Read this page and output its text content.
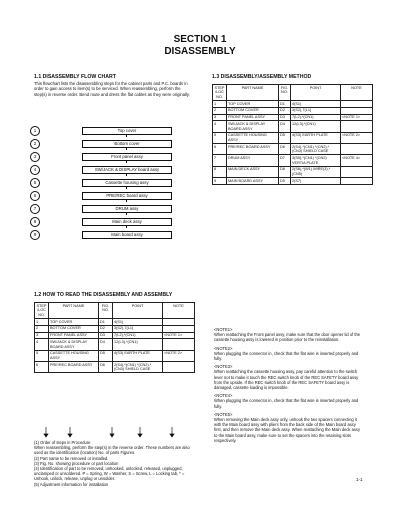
SECTION 1
DISASSEMBLY
1.1 DISASSEMBLY FLOW CHART

This flowchart lists the disassembling steps for the cabinet parts and P.C. boards in order to gain access to item(s) to be serviced. When reassembling, perform the step(s) in reverse order. Bend route and dress the flat cables as they were originally.

1	Top cover
2	Bottom cover
3	Front panel assy
4	SW/JACK & DISPLAY board assy
5	Cassette housing assy
6	PRE/REC board assy
7	DRUM assy
8	Main deck assy
9	Main board assy
1.2 HOW TO READ THE DISASSEMBLY AND ASSEMBLY
STEP /LOC NO.	PART NAME	FIG. NO.	POINT	NOTE
1	TOP COVER	D1	4(S1)	
2	BOTTOM COVER	D2	3(S2),7(L1)	
3	FRONT PANEL ASSY	D3	7(L2),*(CN1)	<NOTE 1>
4	SW/JACK & DISPLAY BOARD ASSY	D4	12(L3),*(CN1)	
5	CASSETTE HOUSING ASSY	D5	4(S3) EARTH PLATE	<NOTE 2>
6	PRE/REC BOARD ASSY	D6	2(S4),*(CN1) *(CN2),*(CN3) SHIELD CASE	

(1) Order of steps in Procedure

When reassembling, perform the step(s) in the reverse order. These numbers are also used as the identification (location) No. of parts Figures.

(2) Part name to be removed or installed.

(3) Fig. No. showing procedure or part location

(4) Identification of part to be removed, unhooked, unlocked, released, unplugged, unclamped or unsoldered. P = Spring, W = Washer, S = Screw, L = Locking tab, * = Unhook, unlock, release, unplug or unsolder.

(5) Adjustment information for installation

1.3 DISASSEMBLY/ASSEMBLY METHOD
STEP /LOC NO.	PART NAME	FIG. NO.	POINT	NOTE
1	TOP COVER	D1	4(S1)	
2	BOTTOM COVER	D2	3(S2),7(L1)	
3	FRONT PANEL ASSY	D3	7(L2),*(CN1)	<NOTE 1>
4	SW/JACK & DISPLAY BOARD ASSY	D4	12(L3),*(CN1)	
5	CASSETTE HOUSING ASSY	D5	4(S3) EARTH PLATE	<NOTE 2>
6	PRE/REC BOARD ASSY	D6	2(S4),*(CN1) *(CN2),*(CN3) SHIELD CASE	
7	DRUM ASSY	D7	3(S5),*(CN1) *(CN2) VERTIA PLATE	<NOTE 4>
8	MAIN DECK ASSY	D8	2(S6),*(W1) WIRE(3),*(CN5)	
9	MAIN BOARD ASSY	D9	2(S7)	

<NOTE1>

When reattaching the Front panel assy, make sure that the door opener lid of the cassette housing assy is lowered in position prior to the reinstallation.

<NOTE2>

When plugging the connector in, check that the flat wire is inserted properly and fully.

<NOTE3>

When reattaching the cassette housing assy, pay careful attention to the switch lever not to make it touch the REC switch knob of the REC SAFETY board assy from the upside. If the REC switch knob of the REC SAFETY board assy is damaged, cassette loading is impossible.

<NOTE4>

When plugging the connector in, check that the flat wire is inserted properly and fully.

<NOTE5>

When removing the Main deck assy only, unhook the two spacers connecting it with the Main board assy with pliers from the back side of the Main board assy first, and then remove the Main deck assy. When reattaching the Main deck assy to the Main board assy, make sure to set the spacers into the retaining slots respectively.

1-1
